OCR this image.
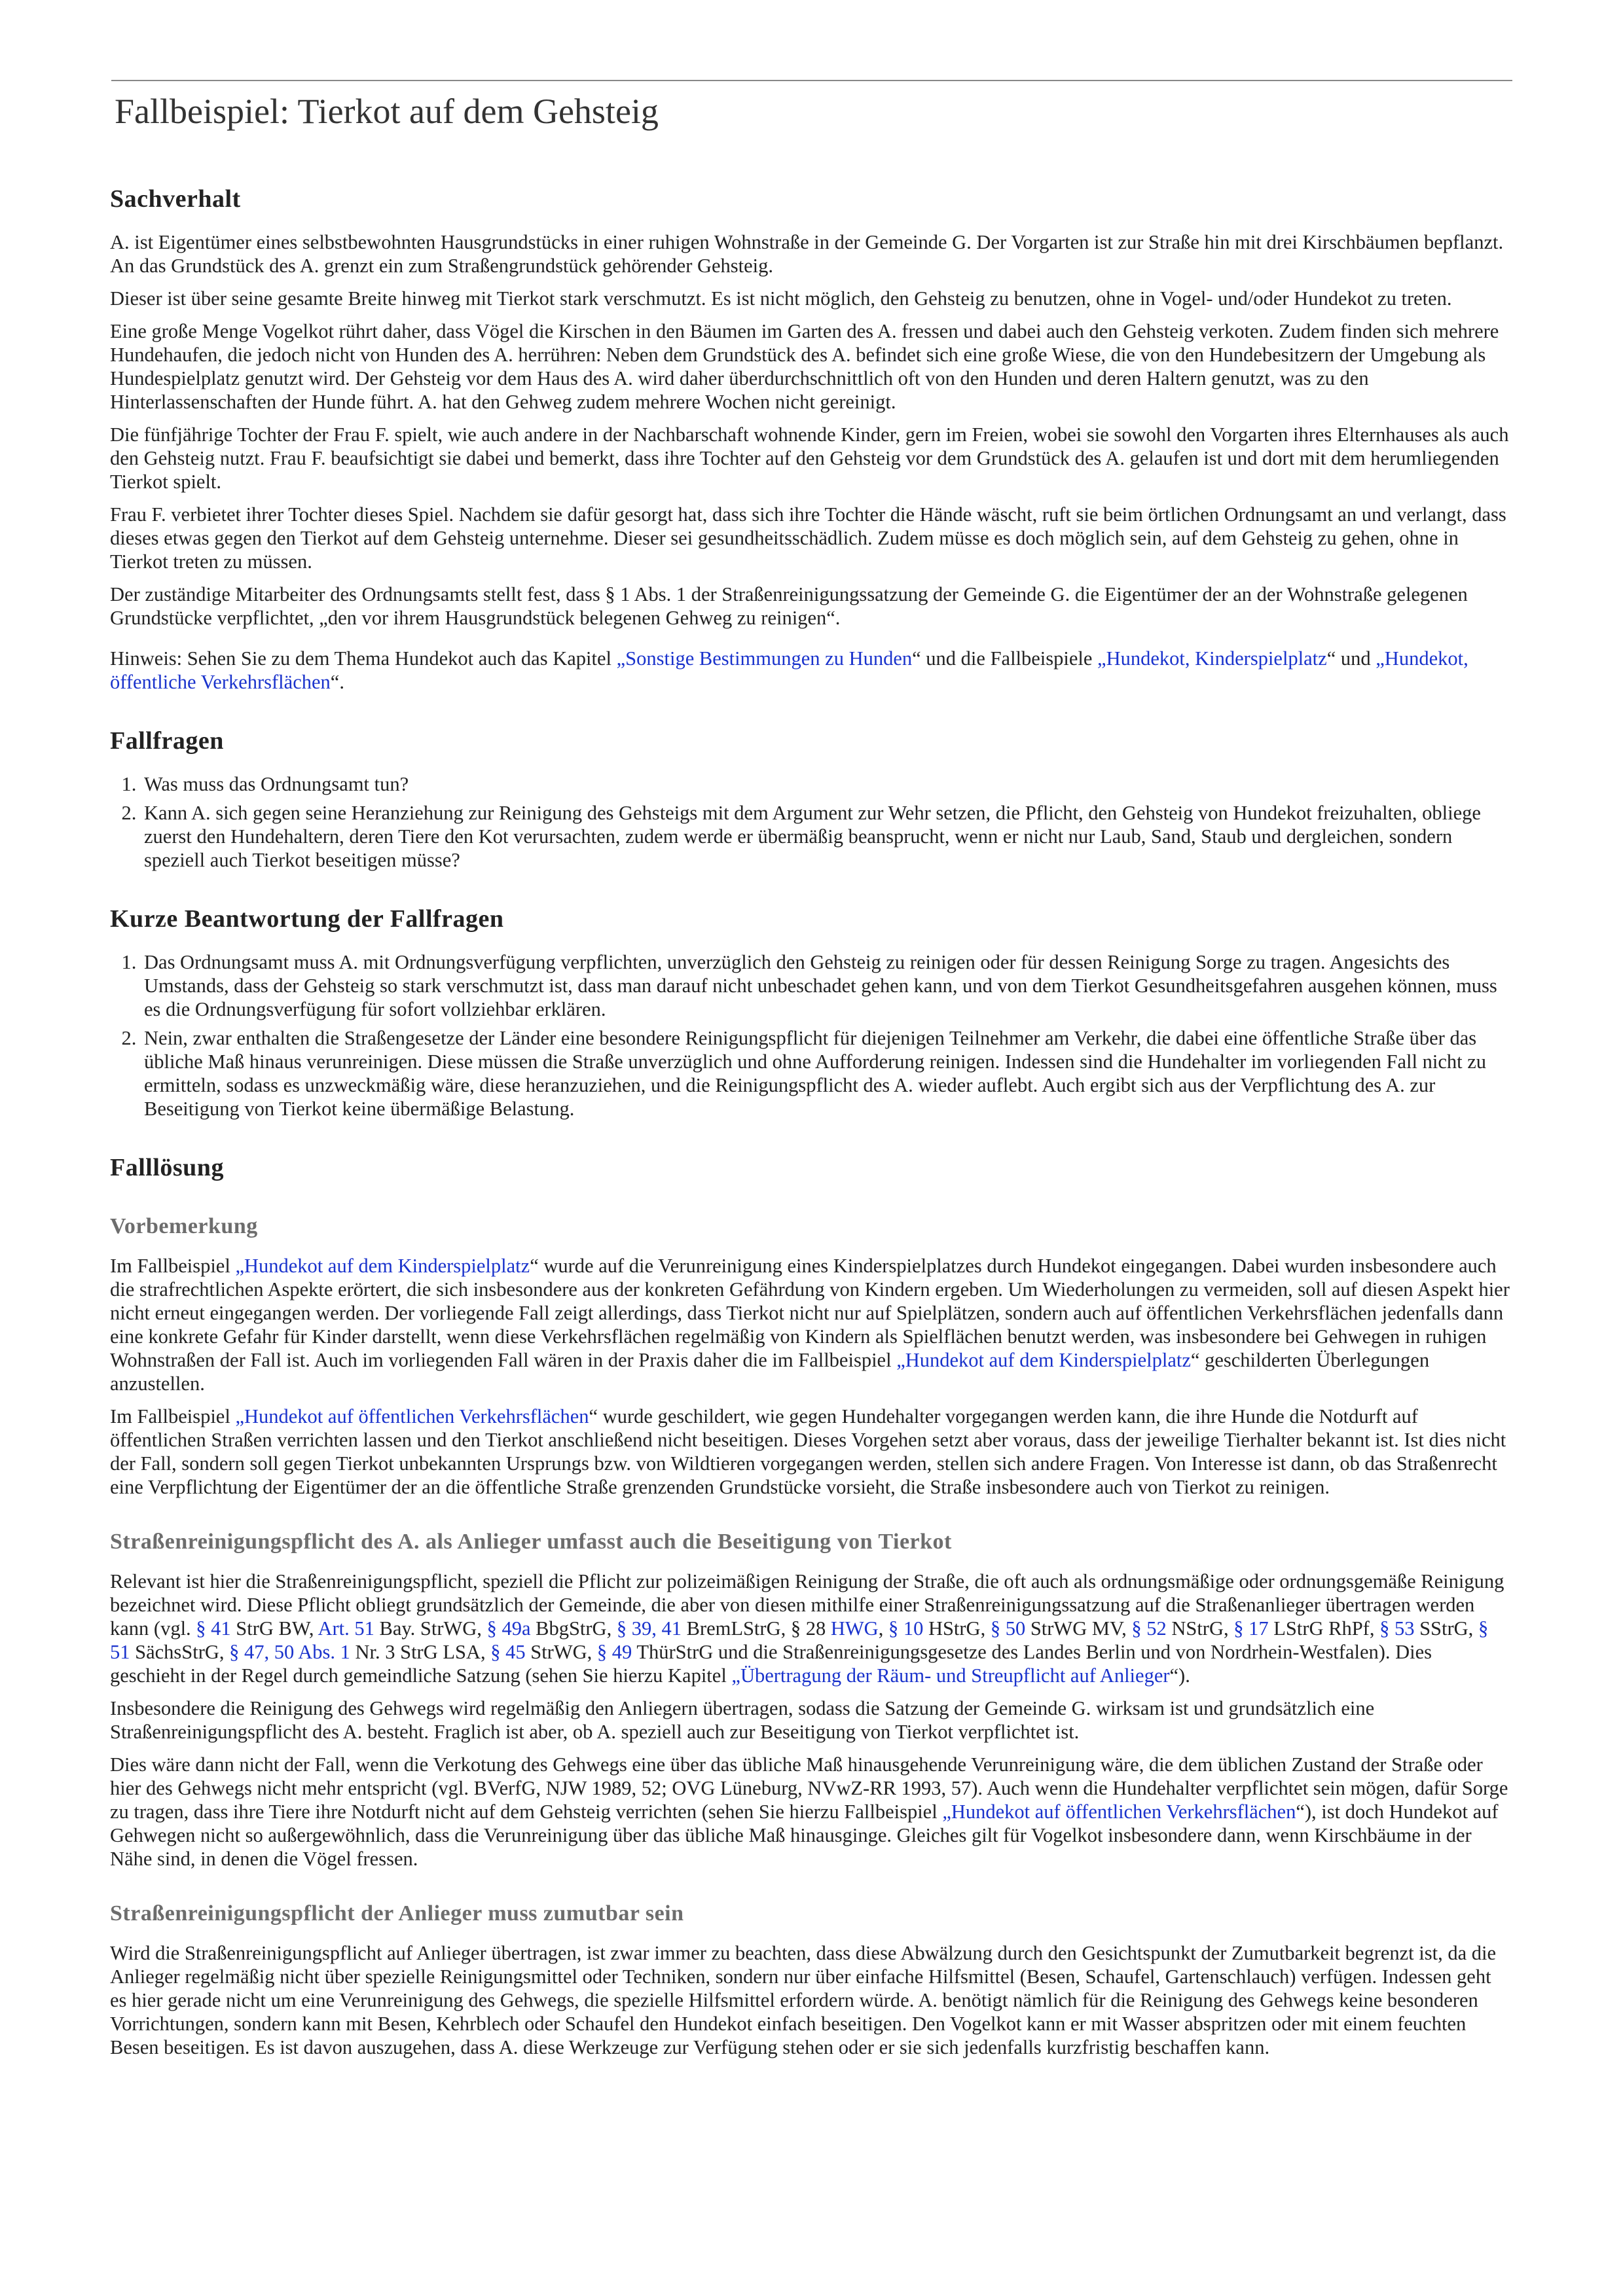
Fallbeispiel: Tierkot auf dem Gehsteig
Sachverhalt

A. ist Eigentümer eines selbstbewohnten Hausgrundstücks in einer ruhigen Wohnstraße in der Gemeinde G. Der Vorgarten ist zur Straße hin mit drei Kirschbäumen bepflanzt. An das Grundstück des A. grenzt ein zum Straßengrundstück gehörender Gehsteig.

Dieser ist über seine gesamte Breite hinweg mit Tierkot stark verschmutzt. Es ist nicht möglich, den Gehsteig zu benutzen, ohne in Vogel- und/oder Hundekot zu treten.

Eine große Menge Vogelkot rührt daher, dass Vögel die Kirschen in den Bäumen im Garten des A. fressen und dabei auch den Gehsteig verkoten. Zudem finden sich mehrere Hundehaufen, die jedoch nicht von Hunden des A. herrühren: Neben dem Grundstück des A. befindet sich eine große Wiese, die von den Hundebesitzern der Umgebung als Hundespielplatz genutzt wird. Der Gehsteig vor dem Haus des A. wird daher überdurchschnittlich oft von den Hunden und deren Haltern genutzt, was zu den Hinterlassenschaften der Hunde führt. A. hat den Gehweg zudem mehrere Wochen nicht gereinigt.

Die fünfjährige Tochter der Frau F. spielt, wie auch andere in der Nachbarschaft wohnende Kinder, gern im Freien, wobei sie sowohl den Vorgarten ihres Elternhauses als auch den Gehsteig nutzt. Frau F. beaufsichtigt sie dabei und bemerkt, dass ihre Tochter auf den Gehsteig vor dem Grundstück des A. gelaufen ist und dort mit dem herumliegenden Tierkot spielt.

Frau F. verbietet ihrer Tochter dieses Spiel. Nachdem sie dafür gesorgt hat, dass sich ihre Tochter die Hände wäscht, ruft sie beim örtlichen Ordnungsamt an und verlangt, dass dieses etwas gegen den Tierkot auf dem Gehsteig unternehme. Dieser sei gesundheitsschädlich. Zudem müsse es doch möglich sein, auf dem Gehsteig zu gehen, ohne in Tierkot treten zu müssen.

Der zuständige Mitarbeiter des Ordnungsamts stellt fest, dass § 1 Abs. 1 der Straßenreinigungssatzung der Gemeinde G. die Eigentümer der an der Wohnstraße gelegenen Grundstücke verpflichtet, „den vor ihrem Hausgrundstück belegenen Gehweg zu reinigen“.

Hinweis: Sehen Sie zu dem Thema Hundekot auch das Kapitel „Sonstige Bestimmungen zu Hunden“ und die Fallbeispiele „Hundekot, Kinderspielplatz“ und „Hundekot, öffentliche Verkehrsflächen“.

Fallfragen
1. Was muss das Ordnungsamt tun?
2. Kann A. sich gegen seine Heranziehung zur Reinigung des Gehsteigs mit dem Argument zur Wehr setzen, die Pflicht, den Gehsteig von Hundekot freizuhalten, obliege zuerst den Hundehaltern, deren Tiere den Kot verursachten, zudem werde er übermäßig beansprucht, wenn er nicht nur Laub, Sand, Staub und dergleichen, sondern speziell auch Tierkot beseitigen müsse?
Kurze Beantwortung der Fallfragen
1. Das Ordnungsamt muss A. mit Ordnungsverfügung verpflichten, unverzüglich den Gehsteig zu reinigen oder für dessen Reinigung Sorge zu tragen. Angesichts des Umstands, dass der Gehsteig so stark verschmutzt ist, dass man darauf nicht unbeschadet gehen kann, und von dem Tierkot Gesundheitsgefahren ausgehen können, muss es die Ordnungsverfügung für sofort vollziehbar erklären.
2. Nein, zwar enthalten die Straßengesetze der Länder eine besondere Reinigungspflicht für diejenigen Teilnehmer am Verkehr, die dabei eine öffentliche Straße über das übliche Maß hinaus verunreinigen. Diese müssen die Straße unverzüglich und ohne Aufforderung reinigen. Indessen sind die Hundehalter im vorliegenden Fall nicht zu ermitteln, sodass es unzweckmäßig wäre, diese heranzuziehen, und die Reinigungspflicht des A. wieder auflebt. Auch ergibt sich aus der Verpflichtung des A. zur Beseitigung von Tierkot keine übermäßige Belastung.
Falllösung
Vorbemerkung

Im Fallbeispiel „Hundekot auf dem Kinderspielplatz“ wurde auf die Verunreinigung eines Kinderspielplatzes durch Hundekot eingegangen. Dabei wurden insbesondere auch die strafrechtlichen Aspekte erörtert, die sich insbesondere aus der konkreten Gefährdung von Kindern ergeben. Um Wiederholungen zu vermeiden, soll auf diesen Aspekt hier nicht erneut eingegangen werden. Der vorliegende Fall zeigt allerdings, dass Tierkot nicht nur auf Spielplätzen, sondern auch auf öffentlichen Verkehrsflächen jedenfalls dann eine konkrete Gefahr für Kinder darstellt, wenn diese Verkehrsflächen regelmäßig von Kindern als Spielflächen benutzt werden, was insbesondere bei Gehwegen in ruhigen Wohnstraßen der Fall ist. Auch im vorliegenden Fall wären in der Praxis daher die im Fallbeispiel „Hundekot auf dem Kinderspielplatz“ geschilderten Überlegungen anzustellen.

Im Fallbeispiel „Hundekot auf öffentlichen Verkehrsflächen“ wurde geschildert, wie gegen Hundehalter vorgegangen werden kann, die ihre Hunde die Notdurft auf öffentlichen Straßen verrichten lassen und den Tierkot anschließend nicht beseitigen. Dieses Vorgehen setzt aber voraus, dass der jeweilige Tierhalter bekannt ist. Ist dies nicht der Fall, sondern soll gegen Tierkot unbekannten Ursprungs bzw. von Wildtieren vorgegangen werden, stellen sich andere Fragen. Von Interesse ist dann, ob das Straßenrecht eine Verpflichtung der Eigentümer der an die öffentliche Straße grenzenden Grundstücke vorsieht, die Straße insbesondere auch von Tierkot zu reinigen.

Straßenreinigungspflicht des A. als Anlieger umfasst auch die Beseitigung von Tierkot

Relevant ist hier die Straßenreinigungspflicht, speziell die Pflicht zur polizeimäßigen Reinigung der Straße, die oft auch als ordnungsmäßige oder ordnungsgemäße Reinigung bezeichnet wird. Diese Pflicht obliegt grundsätzlich der Gemeinde, die aber von diesen mithilfe einer Straßenreinigungssatzung auf die Straßenanlieger übertragen werden kann (vgl. § 41 StrG BW, Art. 51 Bay. StrWG, § 49a BbgStrG, § 39, 41 BremLStrG, § 28 HWG, § 10 HStrG, § 50 StrWG MV, § 52 NStrG, § 17 LStrG RhPf, § 53 SStrG, § 51 SächsStrG, § 47, 50 Abs. 1 Nr. 3 StrG LSA, § 45 StrWG, § 49 ThürStrG und die Straßenreinigungsgesetze des Landes Berlin und von Nordrhein-Westfalen). Dies geschieht in der Regel durch gemeindliche Satzung (sehen Sie hierzu Kapitel „Übertragung der Räum- und Streupflicht auf Anlieger“).

Insbesondere die Reinigung des Gehwegs wird regelmäßig den Anliegern übertragen, sodass die Satzung der Gemeinde G. wirksam ist und grundsätzlich eine Straßenreinigungspflicht des A. besteht. Fraglich ist aber, ob A. speziell auch zur Beseitigung von Tierkot verpflichtet ist.

Dies wäre dann nicht der Fall, wenn die Verkotung des Gehwegs eine über das übliche Maß hinausgehende Verunreinigung wäre, die dem üblichen Zustand der Straße oder hier des Gehwegs nicht mehr entspricht (vgl. BVerfG, NJW 1989, 52; OVG Lüneburg, NVwZ-RR 1993, 57). Auch wenn die Hundehalter verpflichtet sein mögen, dafür Sorge zu tragen, dass ihre Tiere ihre Notdurft nicht auf dem Gehsteig verrichten (sehen Sie hierzu Fallbeispiel „Hundekot auf öffentlichen Verkehrsflächen“), ist doch Hundekot auf Gehwegen nicht so außergewöhnlich, dass die Verunreinigung über das übliche Maß hinausginge. Gleiches gilt für Vogelkot insbesondere dann, wenn Kirschbäume in der Nähe sind, in denen die Vögel fressen.

Straßenreinigungspflicht der Anlieger muss zumutbar sein

Wird die Straßenreinigungspflicht auf Anlieger übertragen, ist zwar immer zu beachten, dass diese Abwälzung durch den Gesichtspunkt der Zumutbarkeit begrenzt ist, da die Anlieger regelmäßig nicht über spezielle Reinigungsmittel oder Techniken, sondern nur über einfache Hilfsmittel (Besen, Schaufel, Gartenschlauch) verfügen. Indessen geht es hier gerade nicht um eine Verunreinigung des Gehwegs, die spezielle Hilfsmittel erfordern würde. A. benötigt nämlich für die Reinigung des Gehwegs keine besonderen Vorrichtungen, sondern kann mit Besen, Kehrblech oder Schaufel den Hundekot einfach beseitigen. Den Vogelkot kann er mit Wasser abspritzen oder mit einem feuchten Besen beseitigen. Es ist davon auszugehen, dass A. diese Werkzeuge zur Verfügung stehen oder er sie sich jedenfalls kurzfristig beschaffen kann.
